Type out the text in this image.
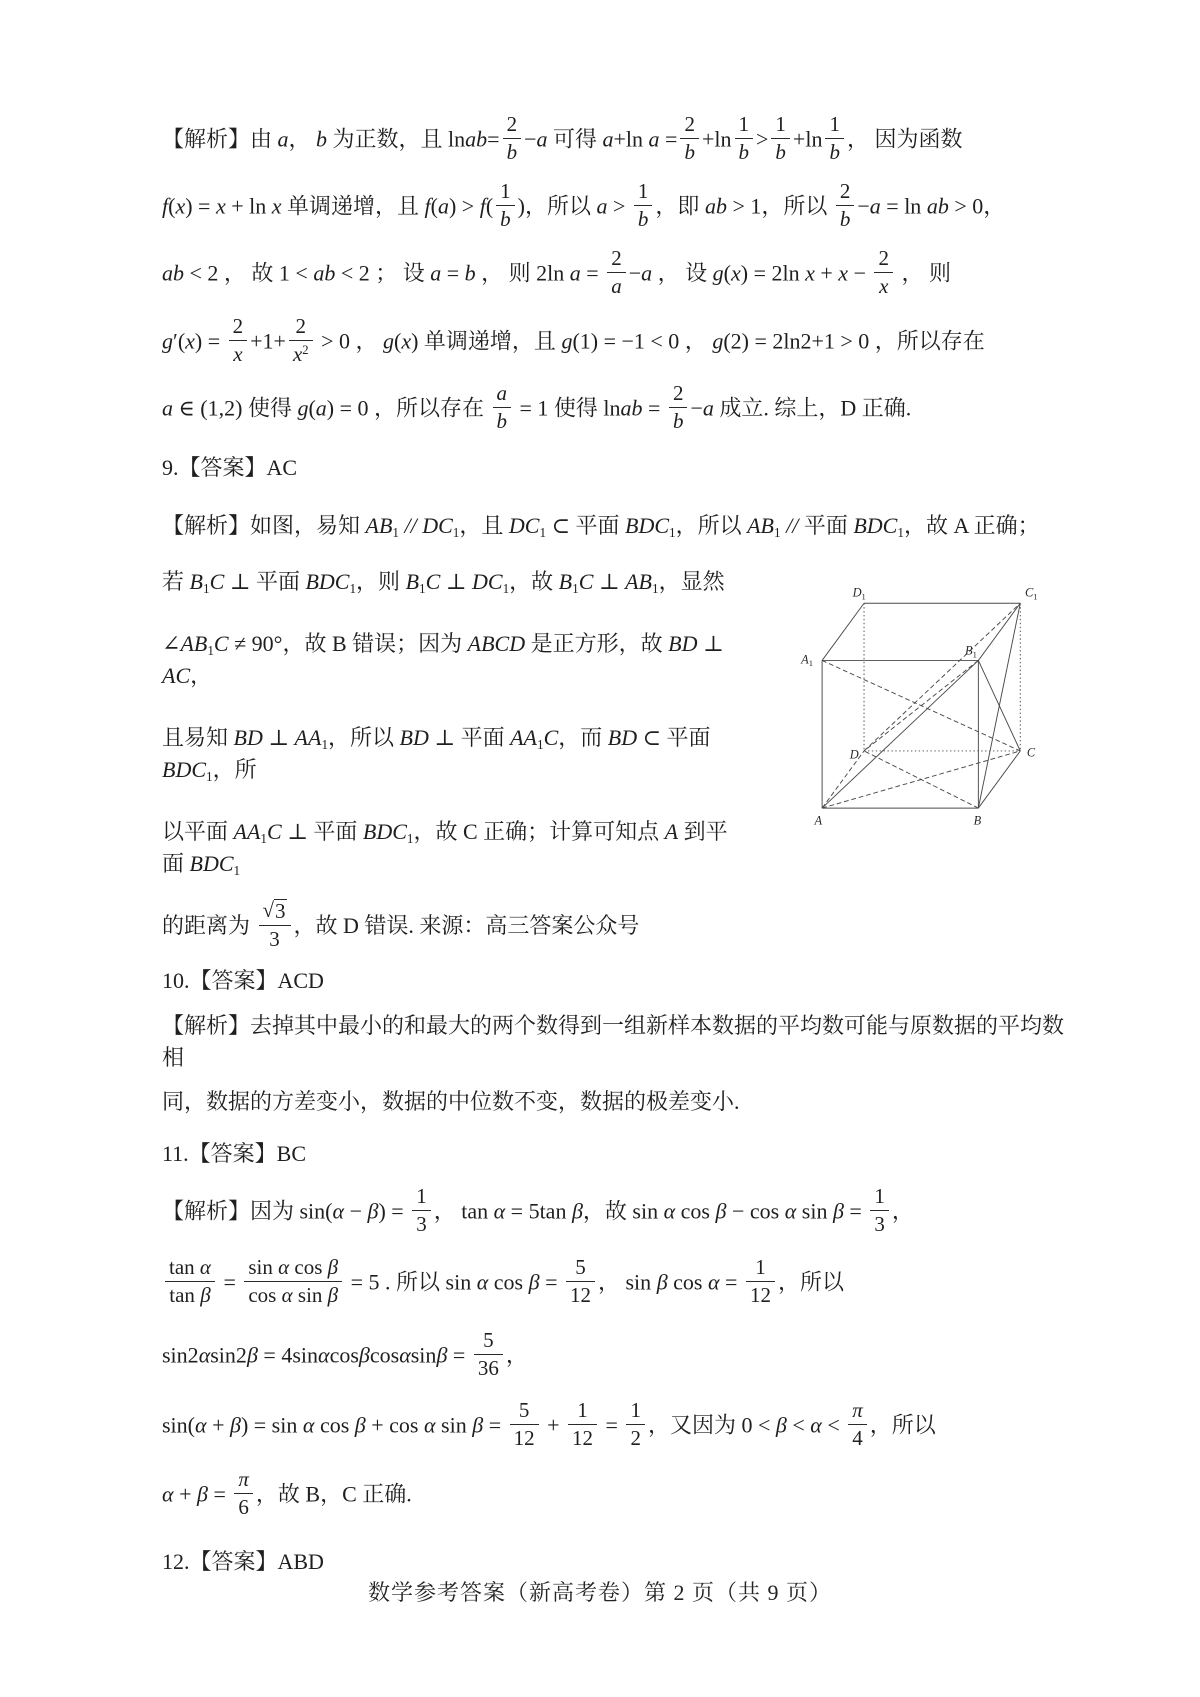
【解析】由 a， b 为正数，且 lnab= $\frac{2}{b} -a$ 可得 a+ln $a = \frac{2}{b} +\ln \frac{1}{b} > \frac{1}{b} +\ln \frac{1}{b}$ ， 因为函数
f(x) = x + ln x 单调递增，且 $f(a) > f( \frac{1}{b}$ )，所以 $a > \frac{1}{b}$ ，即 ab > 1，所以 $\frac{2}{b} -a = \ln$ ab > 0，
ab < 2 ， 故 1 < ab < 2 ； 设 a = b ， 则 2ln $a = \frac{2}{a} -a$ ， 设 g(x) = 2ln $x + x - \frac{2}{x}$ ， 则
$g'(x) = \frac{2}{x} +1+ \frac{2}{x^2} > 0$ ， g(x) 单调递增，且 g(1) = −1 < 0 ， g(2) = 2ln2+1 > 0 ，所以存在
a ∈ (1,2) 使得 g(a) = 0 ，所以存在 $\frac{a}{b} = 1$ 使得 lnab = $\frac{2}{b} -a$ 成立. 综上，D 正确.
9.【答案】AC
【解析】如图，易知 AB1 // DC1，且 DC1 ⊂ 平面 BDC1，所以 AB1 // 平面 BDC1，故 A 正确；
$A_1$
$B_1$
$C_1$
$D_1$
A	B
C
D
若 B1C ⊥ 平面 BDC1，则 B1C ⊥ DC1，故 B1C ⊥ AB1，显然
∠AB1C ≠ 90°，故 B 错误；因为 ABCD 是正方形，故 BD ⊥ AC，
且易知 BD ⊥ AA1，所以 BD ⊥ 平面 AA1C，而 BD ⊂ 平面 BDC1，所
以平面 AA1C ⊥ 平面 BDC1，故 C 正确；计算可知点 A 到平面 BDC1
的距离为 $\frac{√3}{3}$ ，故 D 错误. 来源：高三答案公众号
10.【答案】ACD
【解析】去掉其中最小的和最大的两个数得到一组新样本数据的平均数可能与原数据的平均数相
同，数据的方差变小，数据的中位数不变，数据的极差变小.
11.【答案】BC
【解析】因为 $\sin(\alpha - \beta) = \frac{1}{3}$ ， tan α = 5tan β，故 sin α cos β − cos α $\sin \beta = \frac{1}{3}$ ，
$\frac{\text{tan α}}{\text{tan β}} = \frac{\text{sin α cos β}}{\text{cos α sin β}} = 5$ . 所以 sin α $\cos \beta = \frac{5}{12}$ ， sin β $\cos \alpha = \frac{1}{12}$ ，所以
$\sin 2\alpha\sin 2\beta = 4\sin\alpha\cos\beta\cos\alpha\sin\beta = \frac{5}{36}$ ，
sin(α + β) = sin α cos β + cos α $\sin \beta = \frac{5}{12} + \frac{1}{12} = \frac{1}{2}$ ，又因为 $0 < \beta < \alpha < \frac{\pi}{4}$ ，所以
$\alpha + \beta = \frac{\pi}{6}$ ，故 B，C 正确.
12.【答案】ABD
数学参考答案（新高考卷）第 2 页（共 9 页）
